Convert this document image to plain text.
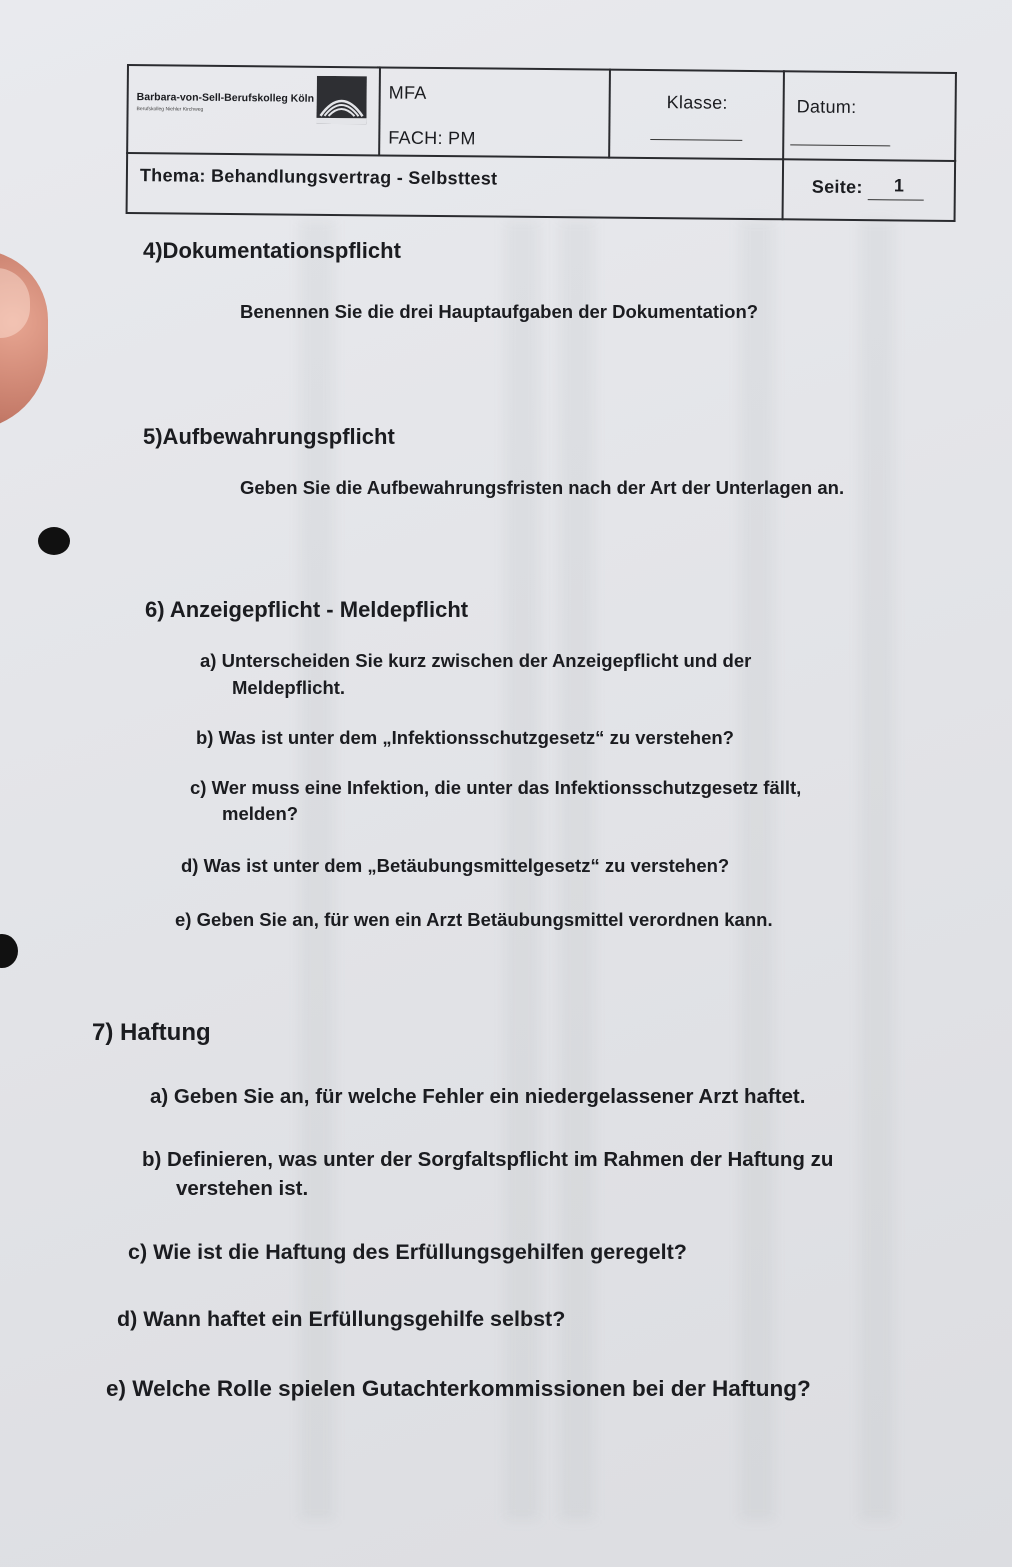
Barbara-von-Sell-Berufskolleg Köln
Berufskolleg Niehler Kirchweg
MFA
FACH: PM
Klasse:	Datum:
Thema: Behandlungsvertrag - Selbsttest	Seite: 1
4)Dokumentationspflicht
Benennen Sie die drei Hauptaufgaben der Dokumentation?
5)Aufbewahrungspflicht
Geben Sie die Aufbewahrungsfristen nach der Art der Unterlagen an.
6) Anzeigepflicht - Meldepflicht
a) Unterscheiden Sie kurz zwischen der Anzeigepflicht und der
Meldepflicht.
b) Was ist unter dem „Infektionsschutzgesetz“ zu verstehen?
c) Wer muss eine Infektion, die unter das Infektionsschutzgesetz fällt,
melden?
d) Was ist unter dem „Betäubungsmittelgesetz“ zu verstehen?
e) Geben Sie an, für wen ein Arzt Betäubungsmittel verordnen kann.
7) Haftung
a) Geben Sie an, für welche Fehler ein niedergelassener Arzt haftet.
b) Definieren, was unter der Sorgfaltspflicht im Rahmen der Haftung zu
verstehen ist.
c) Wie ist die Haftung des Erfüllungsgehilfen geregelt?
d) Wann haftet ein Erfüllungsgehilfe selbst?
e) Welche Rolle spielen Gutachterkommissionen bei der Haftung?
